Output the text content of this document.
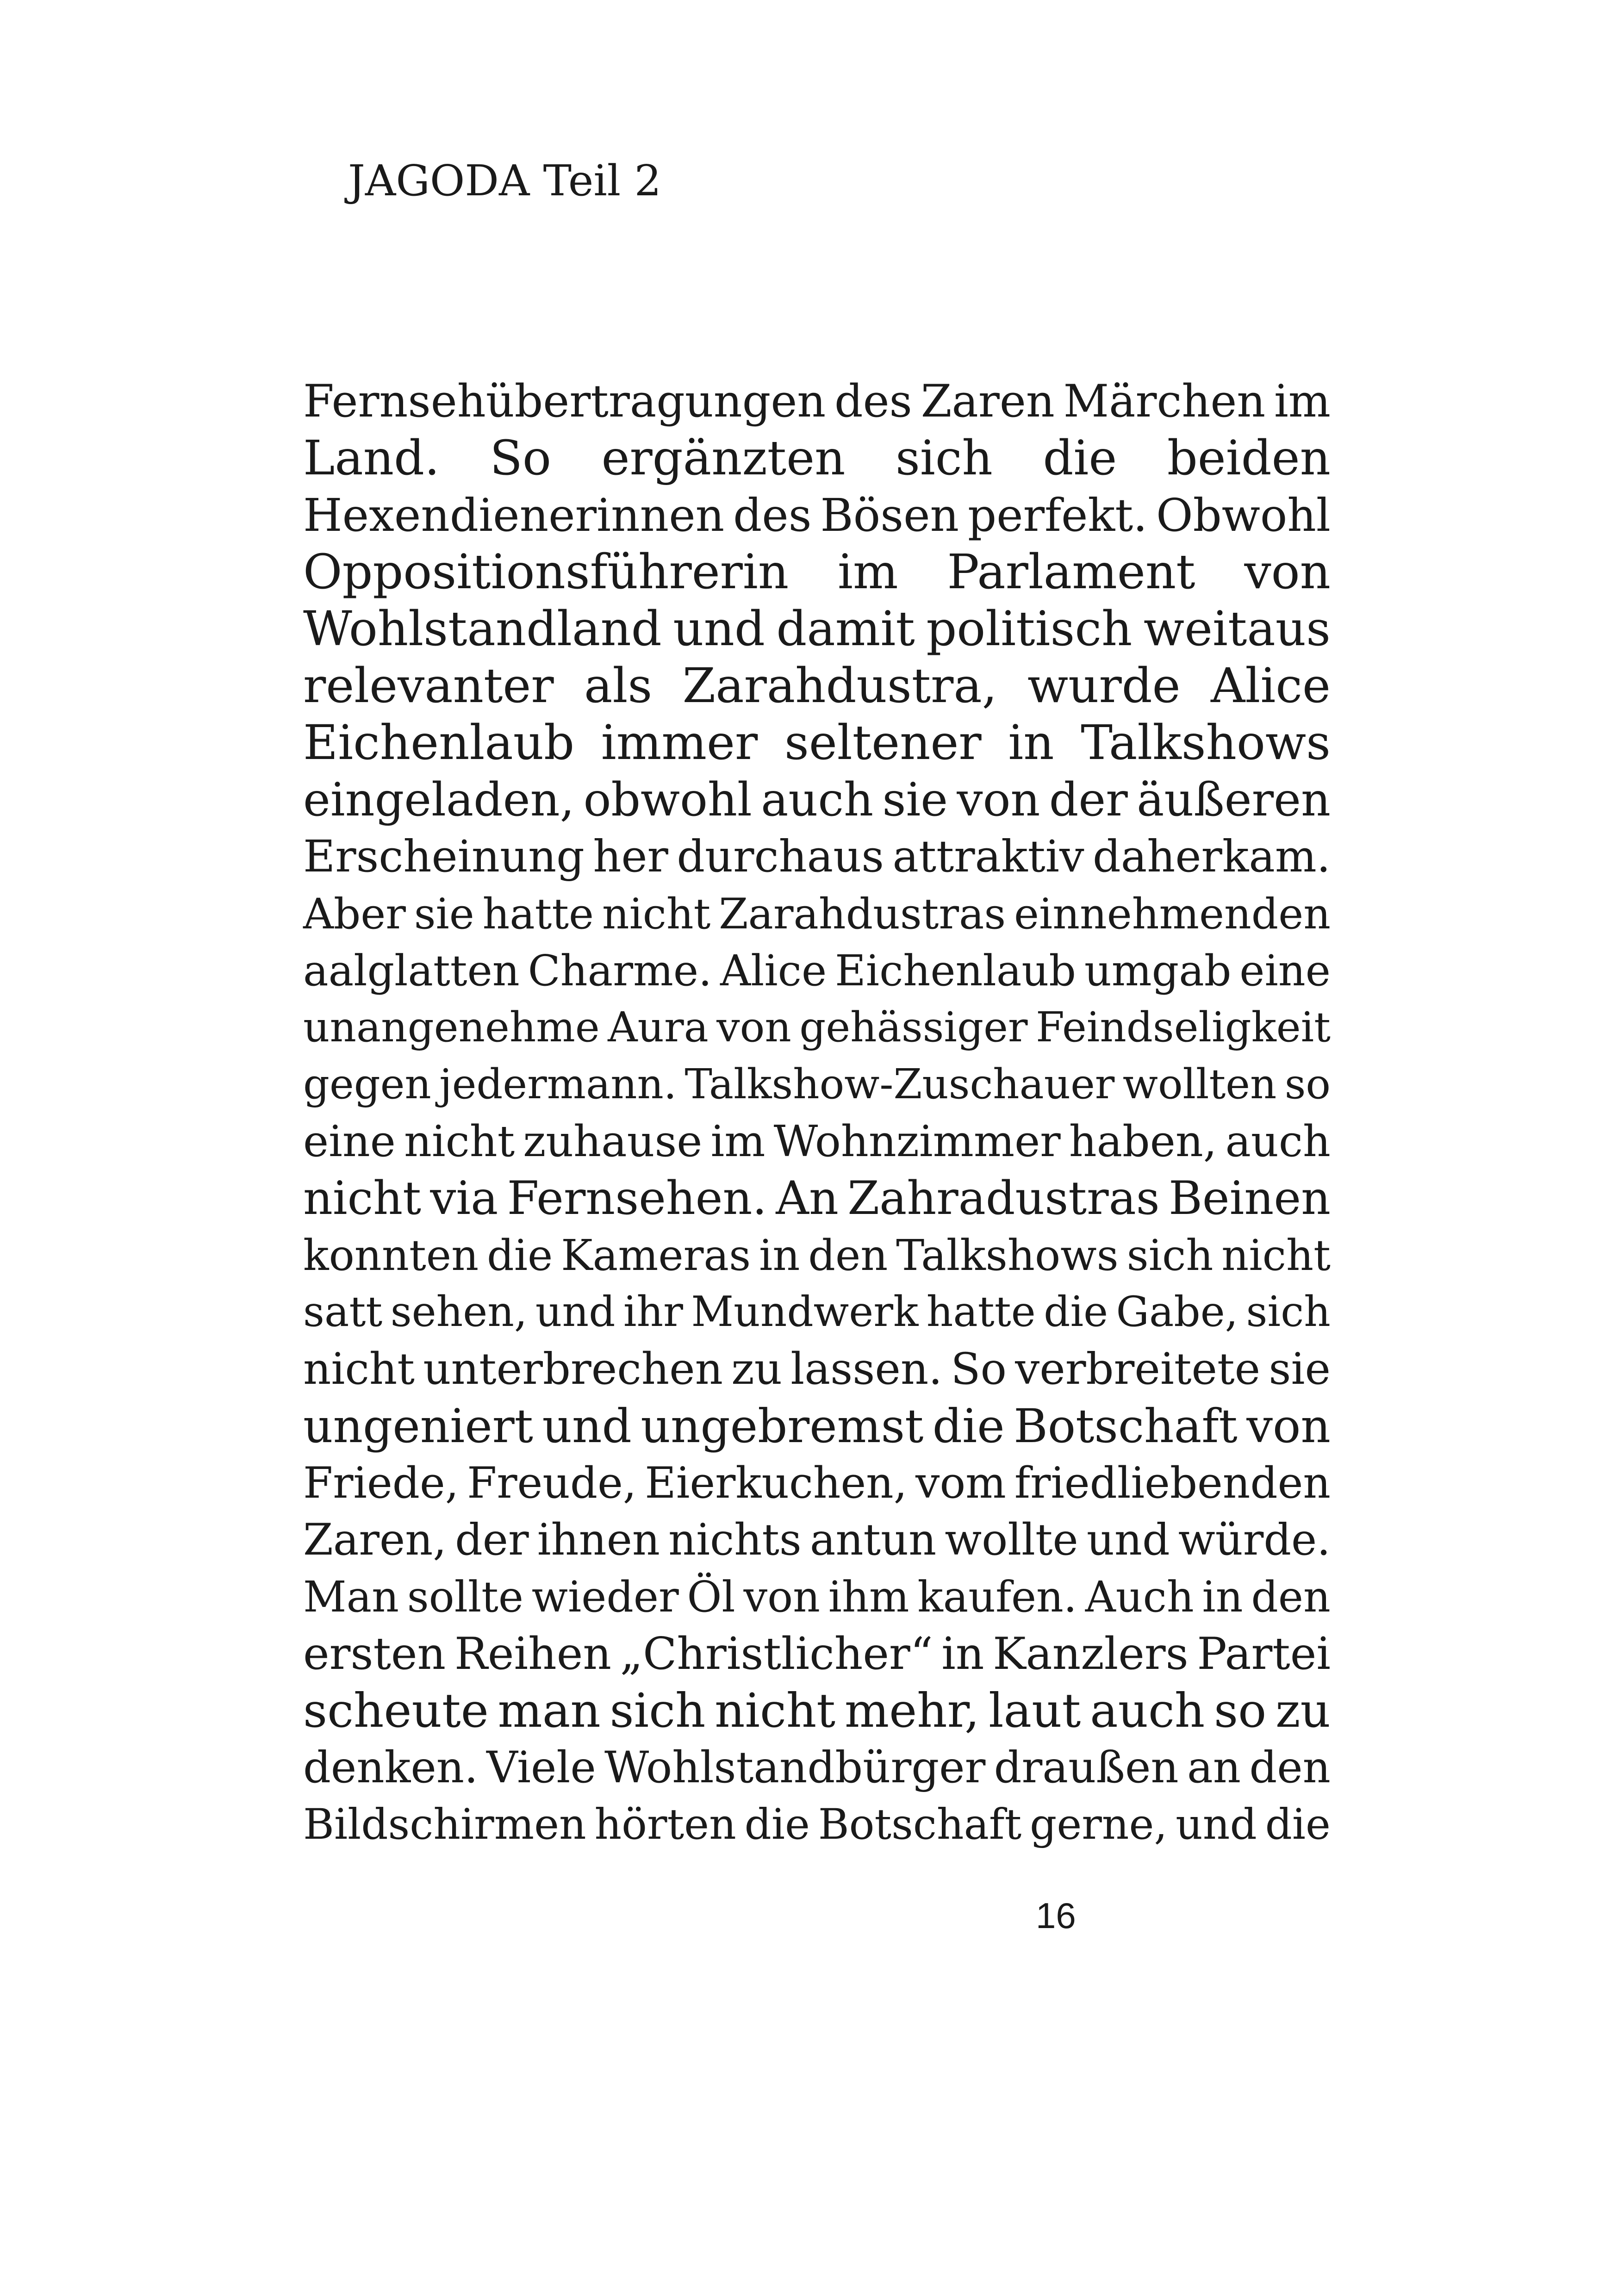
JAGODA Teil 2
Fernsehübertragungen des Zaren Märchen im
Land. So ergänzten sich die beiden
Hexendienerinnen des Bösen perfekt. Obwohl
Oppositionsführerin im Parlament von
Wohlstandland und damit politisch weitaus
relevanter als Zarahdustra, wurde Alice
Eichenlaub immer seltener in Talkshows
eingeladen, obwohl auch sie von der äußeren
Erscheinung her durchaus attraktiv daherkam.
Aber sie hatte nicht Zarahdustras einnehmenden
aalglatten Charme. Alice Eichenlaub umgab eine
unangenehme Aura von gehässiger Feindseligkeit
gegen jedermann. Talkshow-Zuschauer wollten so
eine nicht zuhause im Wohnzimmer haben, auch
nicht via Fernsehen. An Zahradustras Beinen
konnten die Kameras in den Talkshows sich nicht
satt sehen, und ihr Mundwerk hatte die Gabe, sich
nicht unterbrechen zu lassen. So verbreitete sie
ungeniert und ungebremst die Botschaft von
Friede, Freude, Eierkuchen, vom friedliebenden
Zaren, der ihnen nichts antun wollte und würde.
Man sollte wieder Öl von ihm kaufen. Auch in den
ersten Reihen „Christlicher“ in Kanzlers Partei
scheute man sich nicht mehr, laut auch so zu
denken. Viele Wohlstandbürger draußen an den
Bildschirmen hörten die Botschaft gerne, und die
16
